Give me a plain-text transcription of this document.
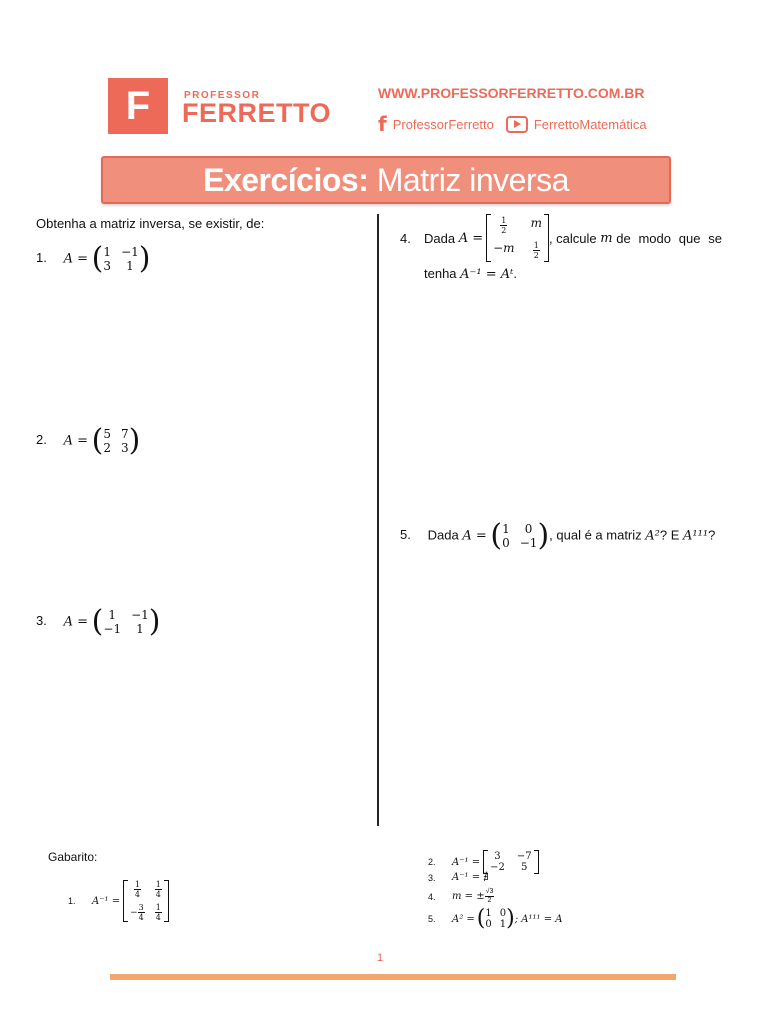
F	PROFESSOR
FERRETTO
WWW.PROFESSORFERRETTO.COM.BR
f ProfessorFerretto	FerrettoMatemática
Exercícios: Matriz inversa
Obtenha a matriz inversa, se existir, de:
1. A = ( 1 −1
3	1 )
2. A = ( 5 7
2 3 )
3. A = ( 1	−1
−1	1 )
4.	Dada
A =
$\frac{1}{2}$ m
$-m \frac{1}{2}$
, calcule
m
de modo que se
tenha A⁻¹ = Aᵗ.
5. Dada A = ( 1	0
0 −1 ) , qual é a matriz A²? E A¹¹¹?
Gabarito:
1.	A⁻¹ =
$\frac{1}{4} \frac{1}{4}$
− $\frac{3}{4} \frac{1}{4}$
2.	A⁻¹ =	3	−7
−2	5
3.	A⁻¹ = ∄
4.	m = ± $\frac{√3}{2}$
5.	A² = ( 1 0
0 1 ) ; A¹¹¹ = A
1
